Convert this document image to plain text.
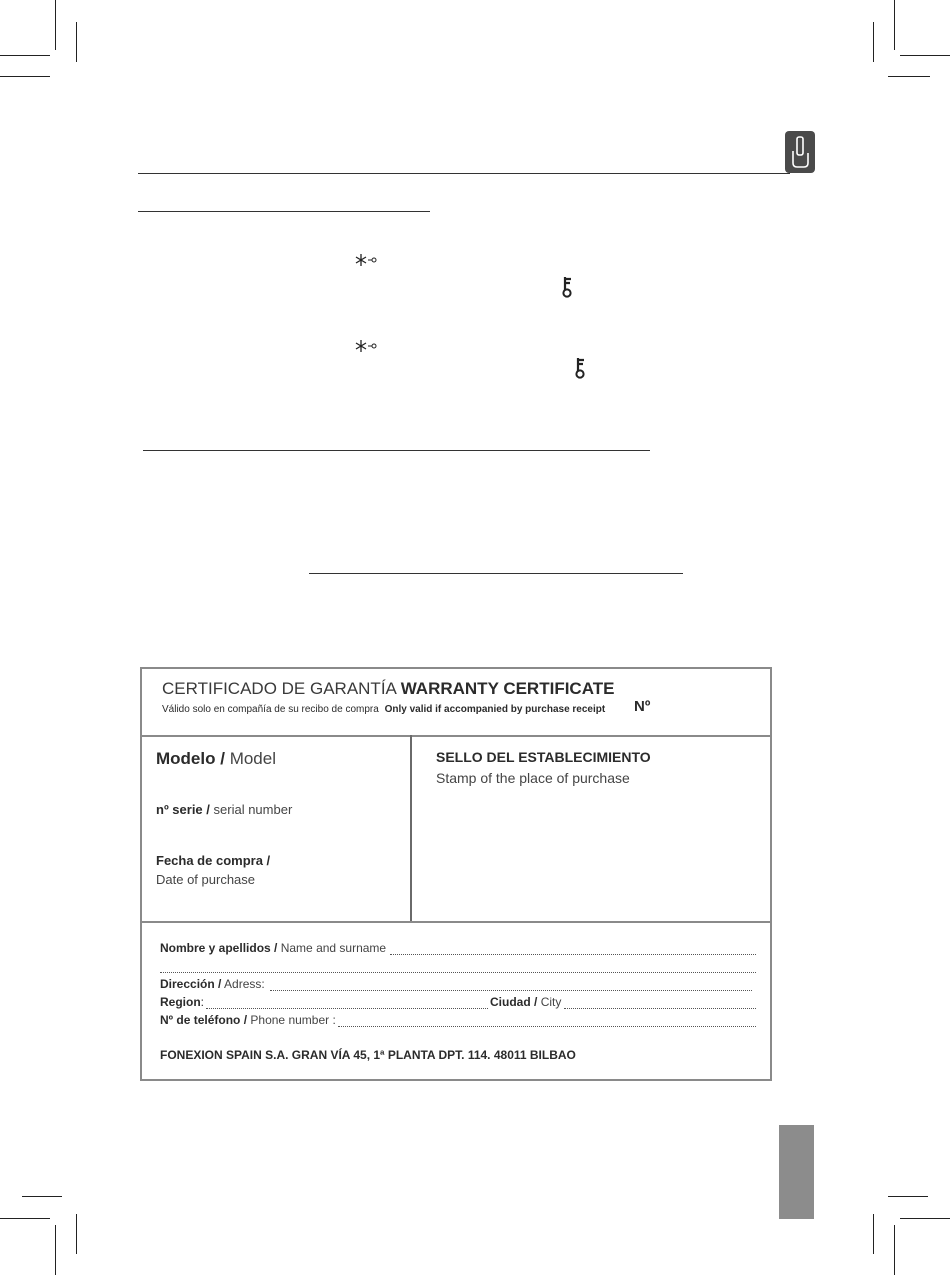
CERTIFICADO DE GARANTÍA WARRANTY CERTIFICATE
Válido solo en compañía de su recibo de compra Only valid if accompanied by purchase receipt Nº
Modelo / Model
nº serie / serial number
Fecha de compra /
Date of purchase
SELLO DEL ESTABLECIMIENTO
Stamp of the place of purchase
Nombre y apellidos / Name and surname
Dirección / Adress:
Region:	Ciudad / City
Nº de teléfono / Phone number :
FONEXION SPAIN S.A. GRAN VÍA 45, 1ª PLANTA DPT. 114. 48011 BILBAO
